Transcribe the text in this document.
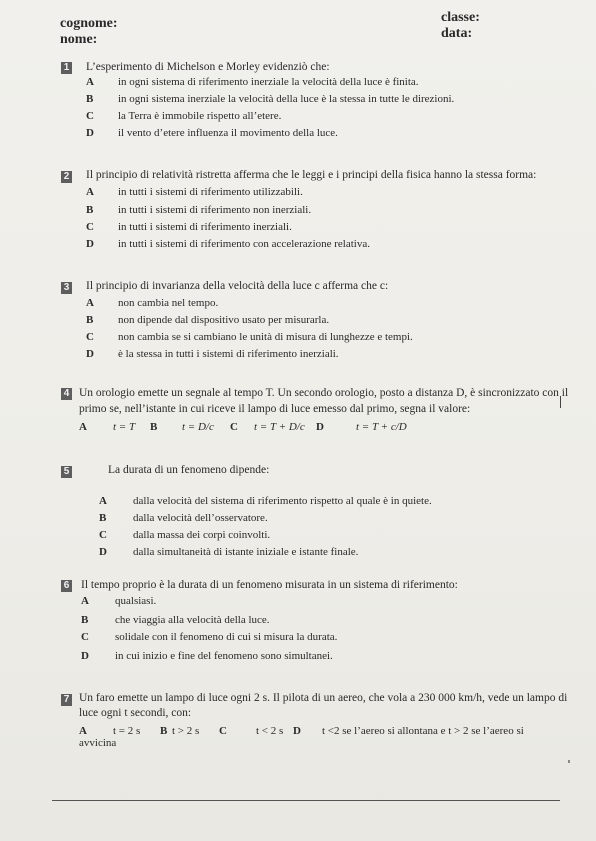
cognome:
nome:
classe:
data:
1 L’esperimento di Michelson e Morley evidenziò che:
A in ogni sistema di riferimento inerziale la velocità della luce è finita.
B in ogni sistema inerziale la velocità della luce è la stessa in tutte le direzioni.
C la Terra è immobile rispetto all’etere.
D il vento d’etere influenza il movimento della luce.
2 Il principio di relatività ristretta afferma che le leggi e i principi della fisica hanno la stessa forma:
A in tutti i sistemi di riferimento utilizzabili.
B in tutti i sistemi di riferimento non inerziali.
C in tutti i sistemi di riferimento inerziali.
D in tutti i sistemi di riferimento con accelerazione relativa.
3 Il principio di invarianza della velocità della luce c afferma che c:
A non cambia nel tempo.
B non dipende dal dispositivo usato per misurarla.
C non cambia se si cambiano le unità di misura di lunghezze e tempi.
D è la stessa in tutti i sistemi di riferimento inerziali.
4 Un orologio emette un segnale al tempo T. Un secondo orologio, posto a distanza D, è sincronizzato con il
primo se, nell’istante in cui riceve il lampo di luce emesso dal primo, segna il valore:
A t = T B t = D/c C t = T + D/c D	t = T + c/D
5	La durata di un fenomeno dipende:
A dalla velocità del sistema di riferimento rispetto al quale è in quiete.
B dalla velocità dell’osservatore.
C dalla massa dei corpi coinvolti.
D dalla simultaneità di istante iniziale e istante finale.
6 Il tempo proprio è la durata di un fenomeno misurata in un sistema di riferimento:
A qualsiasi.
B che viaggia alla velocità della luce.
C solidale con il fenomeno di cui si misura la durata.
D in cui inizio e fine del fenomeno sono simultanei.
7 Un faro emette un lampo di luce ogni 2 s. Il pilota di un aereo, che vola a 230 000 km/h, vede un lampo di
luce ogni t secondi, con:
A t = 2 s B t > 2 s C	t < 2 s D t <2 se l’aereo si allontana e t > 2 se l’aereo si
avvicina
